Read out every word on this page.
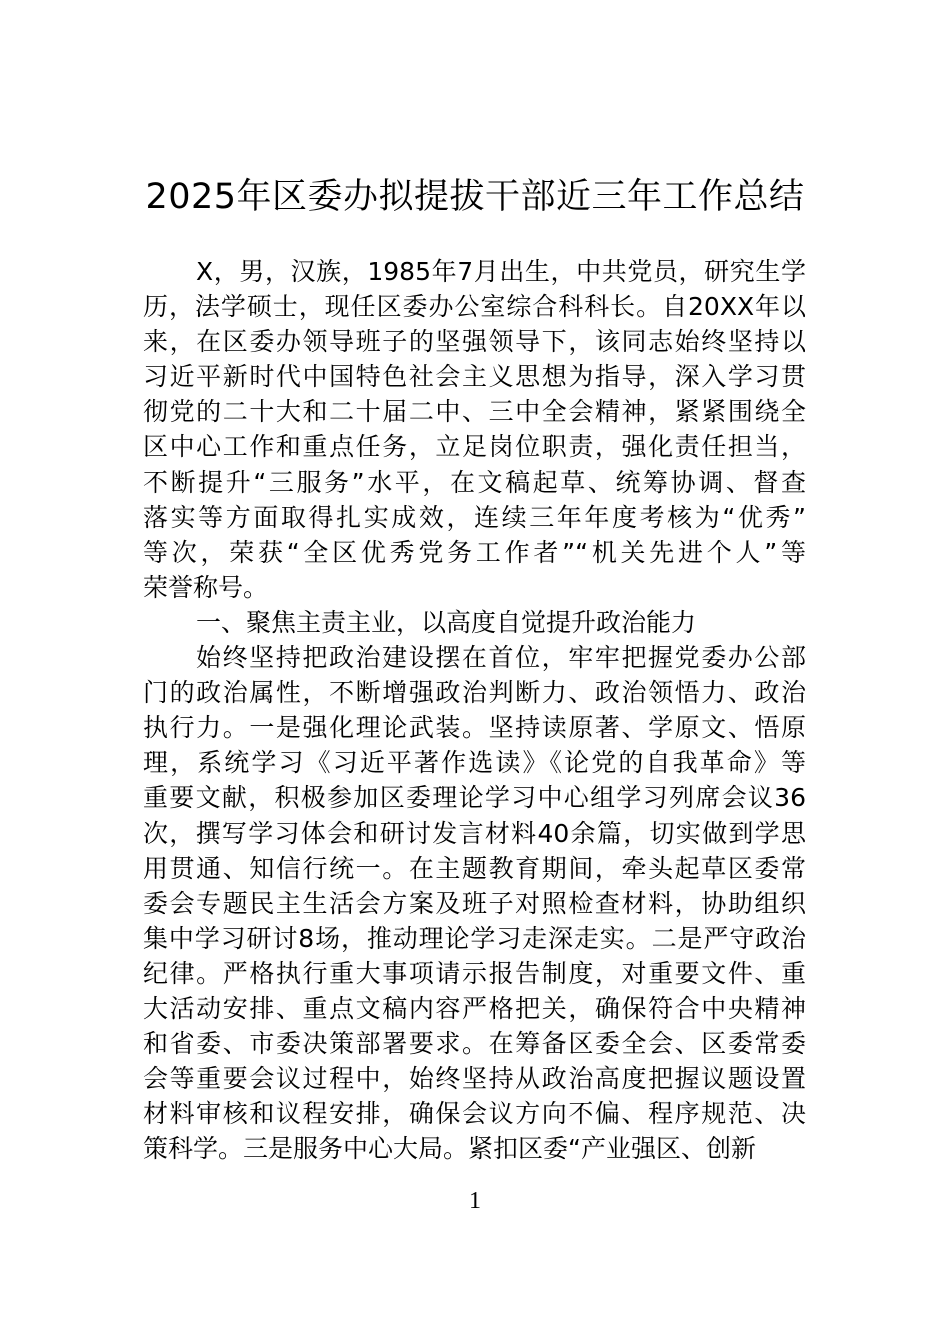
2025年区委办拟提拔干部近三年工作总结
X，男，汉族，1985年7月出生，中共党员，研究生学
历，法学硕士，现任区委办公室综合科科长。自20XX年以
来，在区委办领导班子的坚强领导下，该同志始终坚持以
习近平新时代中国特色社会主义思想为指导，深入学习贯
彻党的二十大和二十届二中、三中全会精神，紧紧围绕全
区中心工作和重点任务，立足岗位职责，强化责任担当，
不断提升“三服务”水平，在文稿起草、统筹协调、督查
落实等方面取得扎实成效，连续三年年度考核为“优秀”
等次，荣获“全区优秀党务工作者”“机关先进个人”等
荣誉称号。
一、聚焦主责主业，以高度自觉提升政治能力
始终坚持把政治建设摆在首位，牢牢把握党委办公部
门的政治属性，不断增强政治判断力、政治领悟力、政治
执行力。一是强化理论武装。坚持读原著、学原文、悟原
理，系统学习《习近平著作选读》《论党的自我革命》等
重要文献，积极参加区委理论学习中心组学习列席会议36
次，撰写学习体会和研讨发言材料40余篇，切实做到学思
用贯通、知信行统一。在主题教育期间，牵头起草区委常
委会专题民主生活会方案及班子对照检查材料，协助组织
集中学习研讨8场，推动理论学习走深走实。二是严守政治
纪律。严格执行重大事项请示报告制度，对重要文件、重
大活动安排、重点文稿内容严格把关，确保符合中央精神
和省委、市委决策部署要求。在筹备区委全会、区委常委
会等重要会议过程中，始终坚持从政治高度把握议题设置
材料审核和议程安排，确保会议方向不偏、程序规范、决
策科学。三是服务中心大局。紧扣区委“产业强区、创新
1
